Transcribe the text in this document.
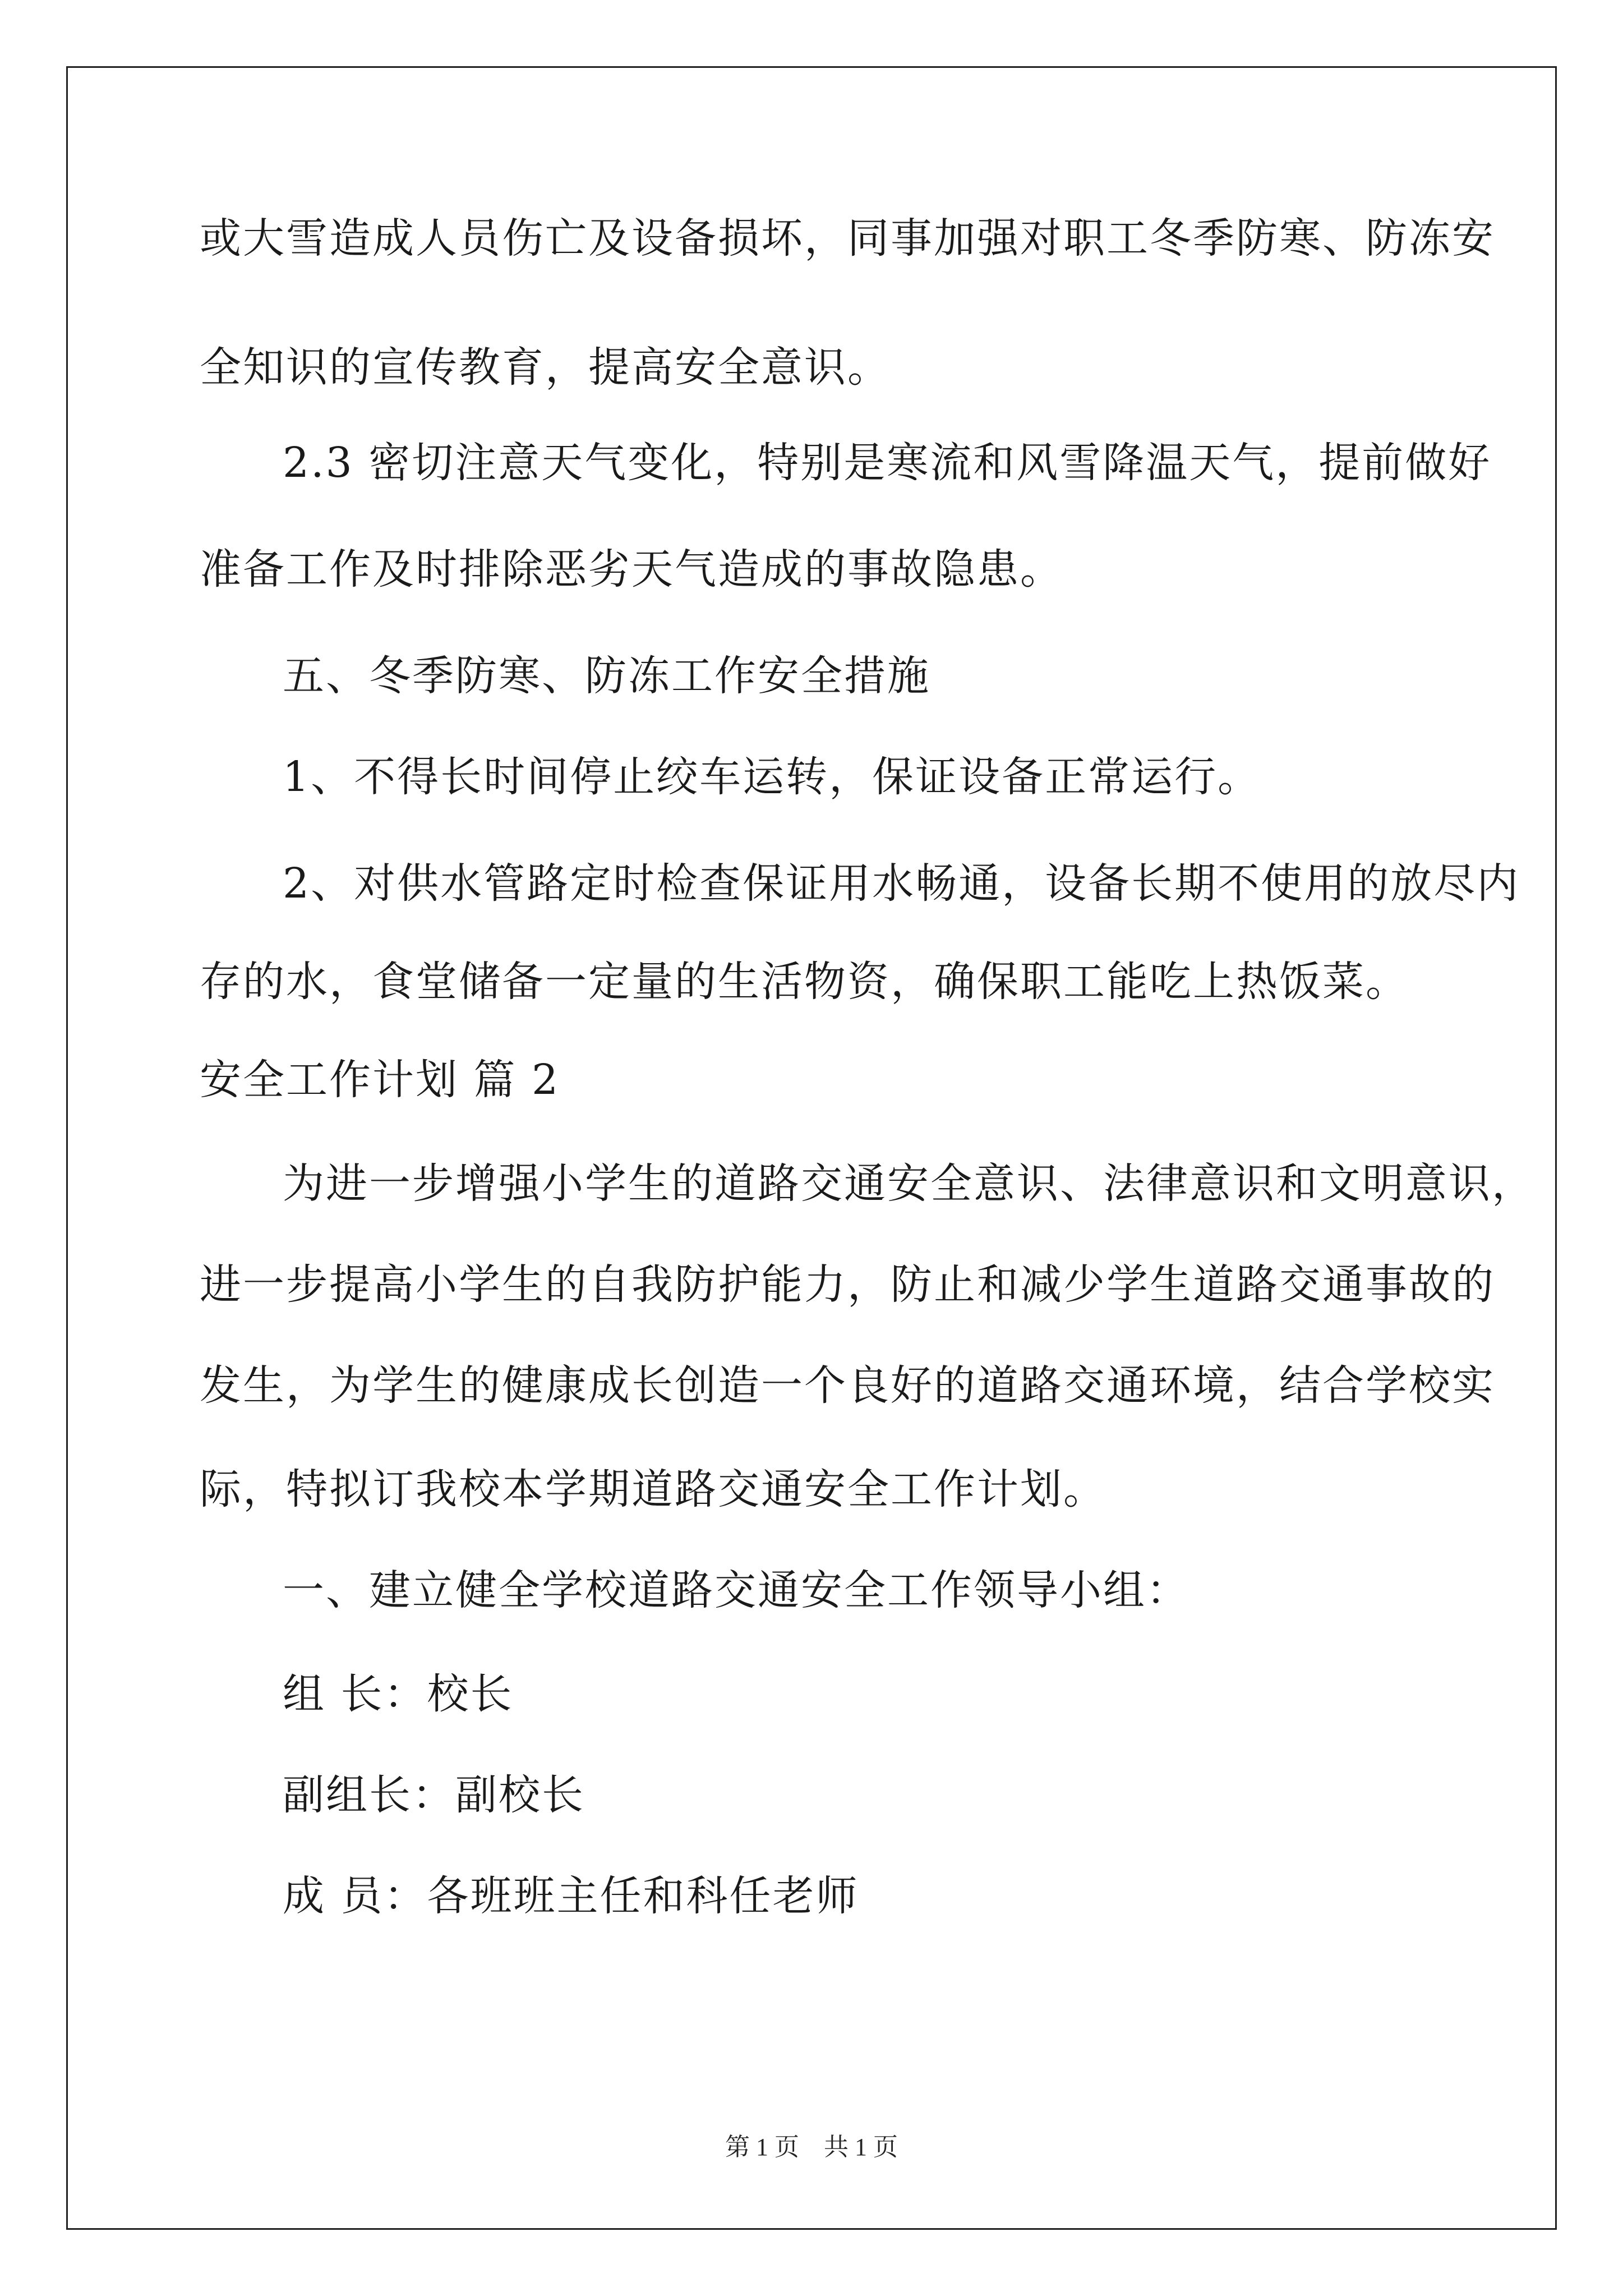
或大雪造成人员伤亡及设备损坏，同事加强对职工冬季防寒、防冻安
全知识的宣传教育，提高安全意识。
2.3 密切注意天气变化，特别是寒流和风雪降温天气，提前做好
准备工作及时排除恶劣天气造成的事故隐患。
五、冬季防寒、防冻工作安全措施
1、不得长时间停止绞车运转，保证设备正常运行。
2、对供水管路定时检查保证用水畅通，设备长期不使用的放尽内
存的水，食堂储备一定量的生活物资，确保职工能吃上热饭菜。
安全工作计划 篇 2
为进一步增强小学生的道路交通安全意识、法律意识和文明意识，
进一步提高小学生的自我防护能力，防止和减少学生道路交通事故的
发生，为学生的健康成长创造一个良好的道路交通环境，结合学校实
际，特拟订我校本学期道路交通安全工作计划。
一、建立健全学校道路交通安全工作领导小组：
组 长：校长
副组长：副校长
成 员：各班班主任和科任老师
第 1 页　共 1 页
